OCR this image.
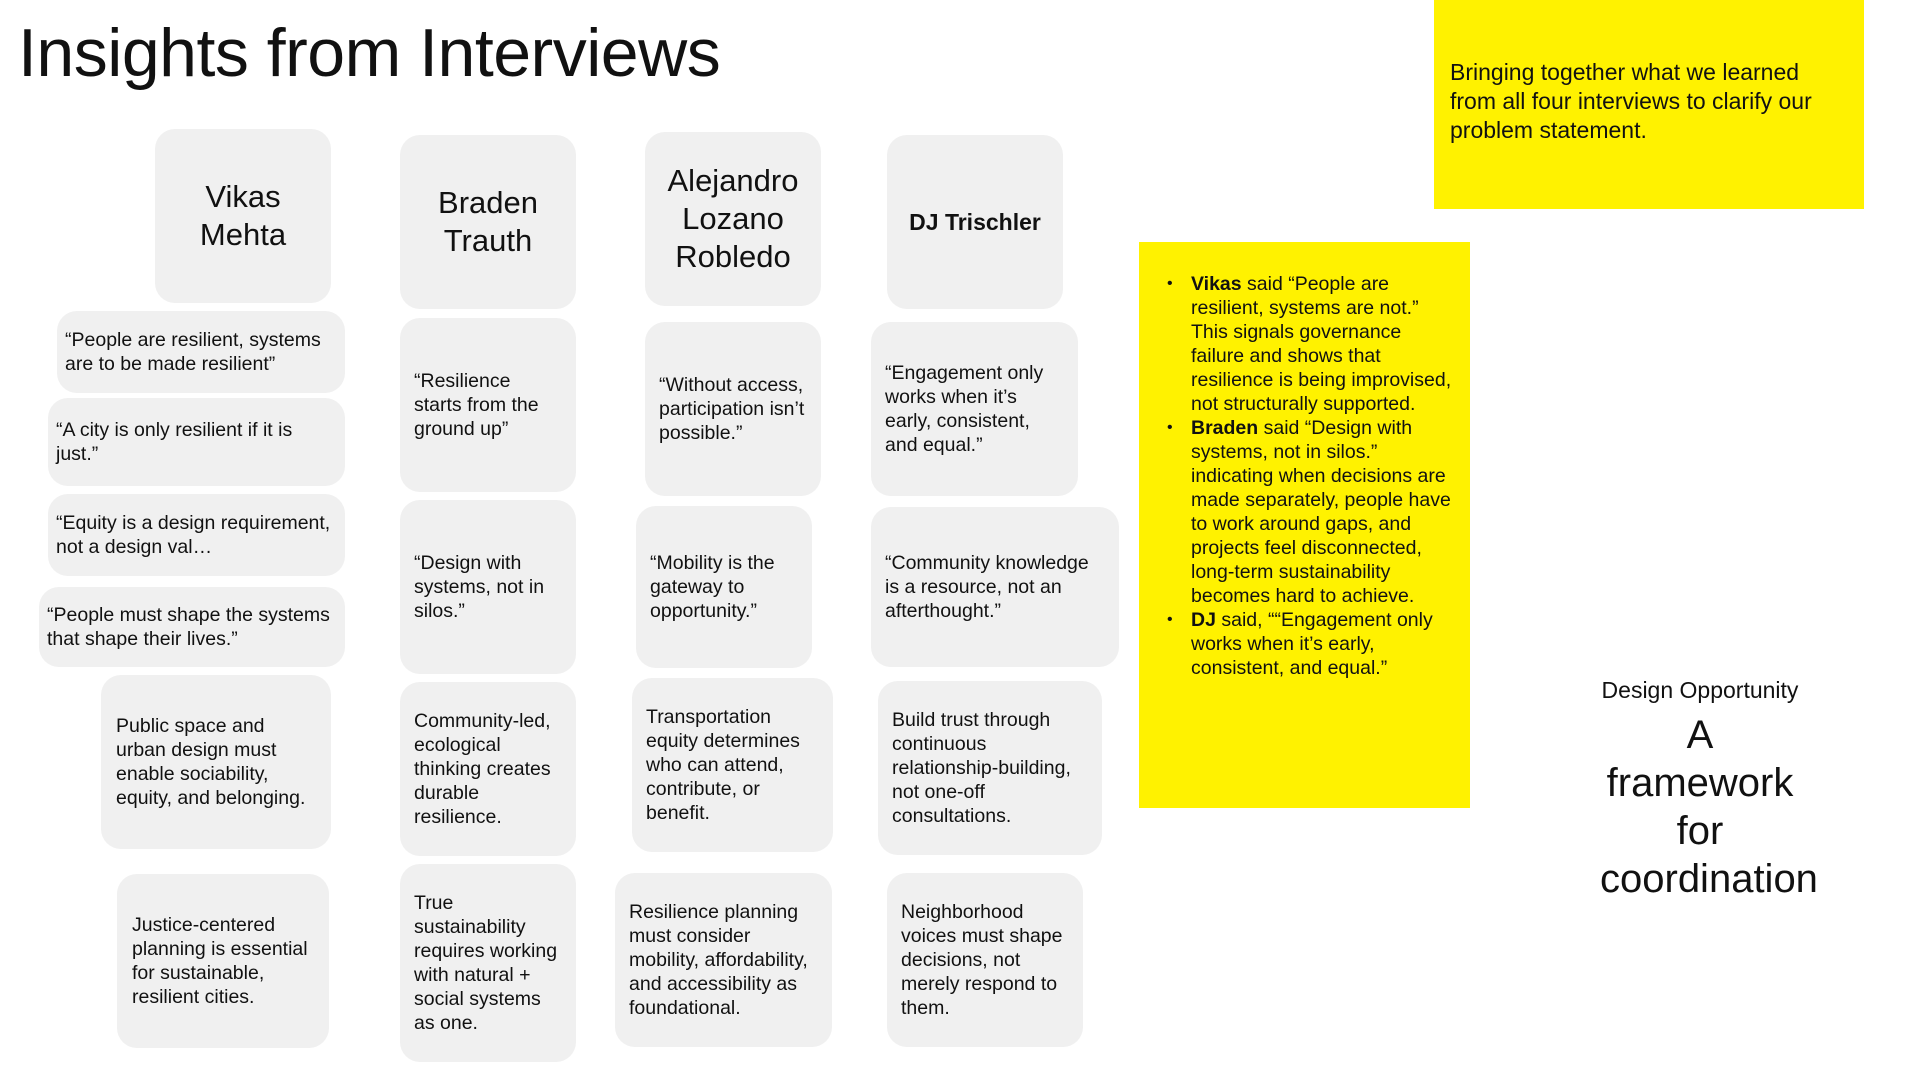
Insights from Interviews	Bringing together what we learned from all four interviews to clarify our problem statement.
Vikas Mehta
“People are resilient, systems are to be made resilient”
“A city is only resilient if it is just.”
“Equity is a design requirement, not a design val…
“People must shape the systems that shape their lives.”
Public space and urban design must enable sociability, equity, and belonging.
Justice-centered planning is essential for sustainable, resilient cities.
Braden Trauth
“Resilience starts from the ground up”
“Design with systems, not in silos.”
Community-led, ecological thinking creates durable resilience.
True sustainability requires working with natural + social systems as one.
Alejandro Lozano Robledo
“Without access, participation isn’t possible.”
“Mobility is the gateway to opportunity.”
Transportation equity determines who can attend, contribute, or benefit.
Resilience planning must consider mobility, affordability, and accessibility as foundational.
DJ Trischler
“Engagement only works when it’s early, consistent, and equal.”
“Community knowledge is a resource, not an afterthought.”
Build trust through continuous relationship-building, not one-off consultations.
Neighborhood voices must shape decisions, not merely respond to them.
• Vikas said “People are resilient, systems are not.” This signals governance failure and shows that resilience is being improvised, not structurally supported.
• Braden said “Design with systems, not in silos.” indicating when decisions are made separately, people have to work around gaps, and projects feel disconnected, long-term sustainability becomes hard to achieve.
• DJ said, ““Engagement only works when it’s early, consistent, and equal.”
Design Opportunity
A framework for coordination
